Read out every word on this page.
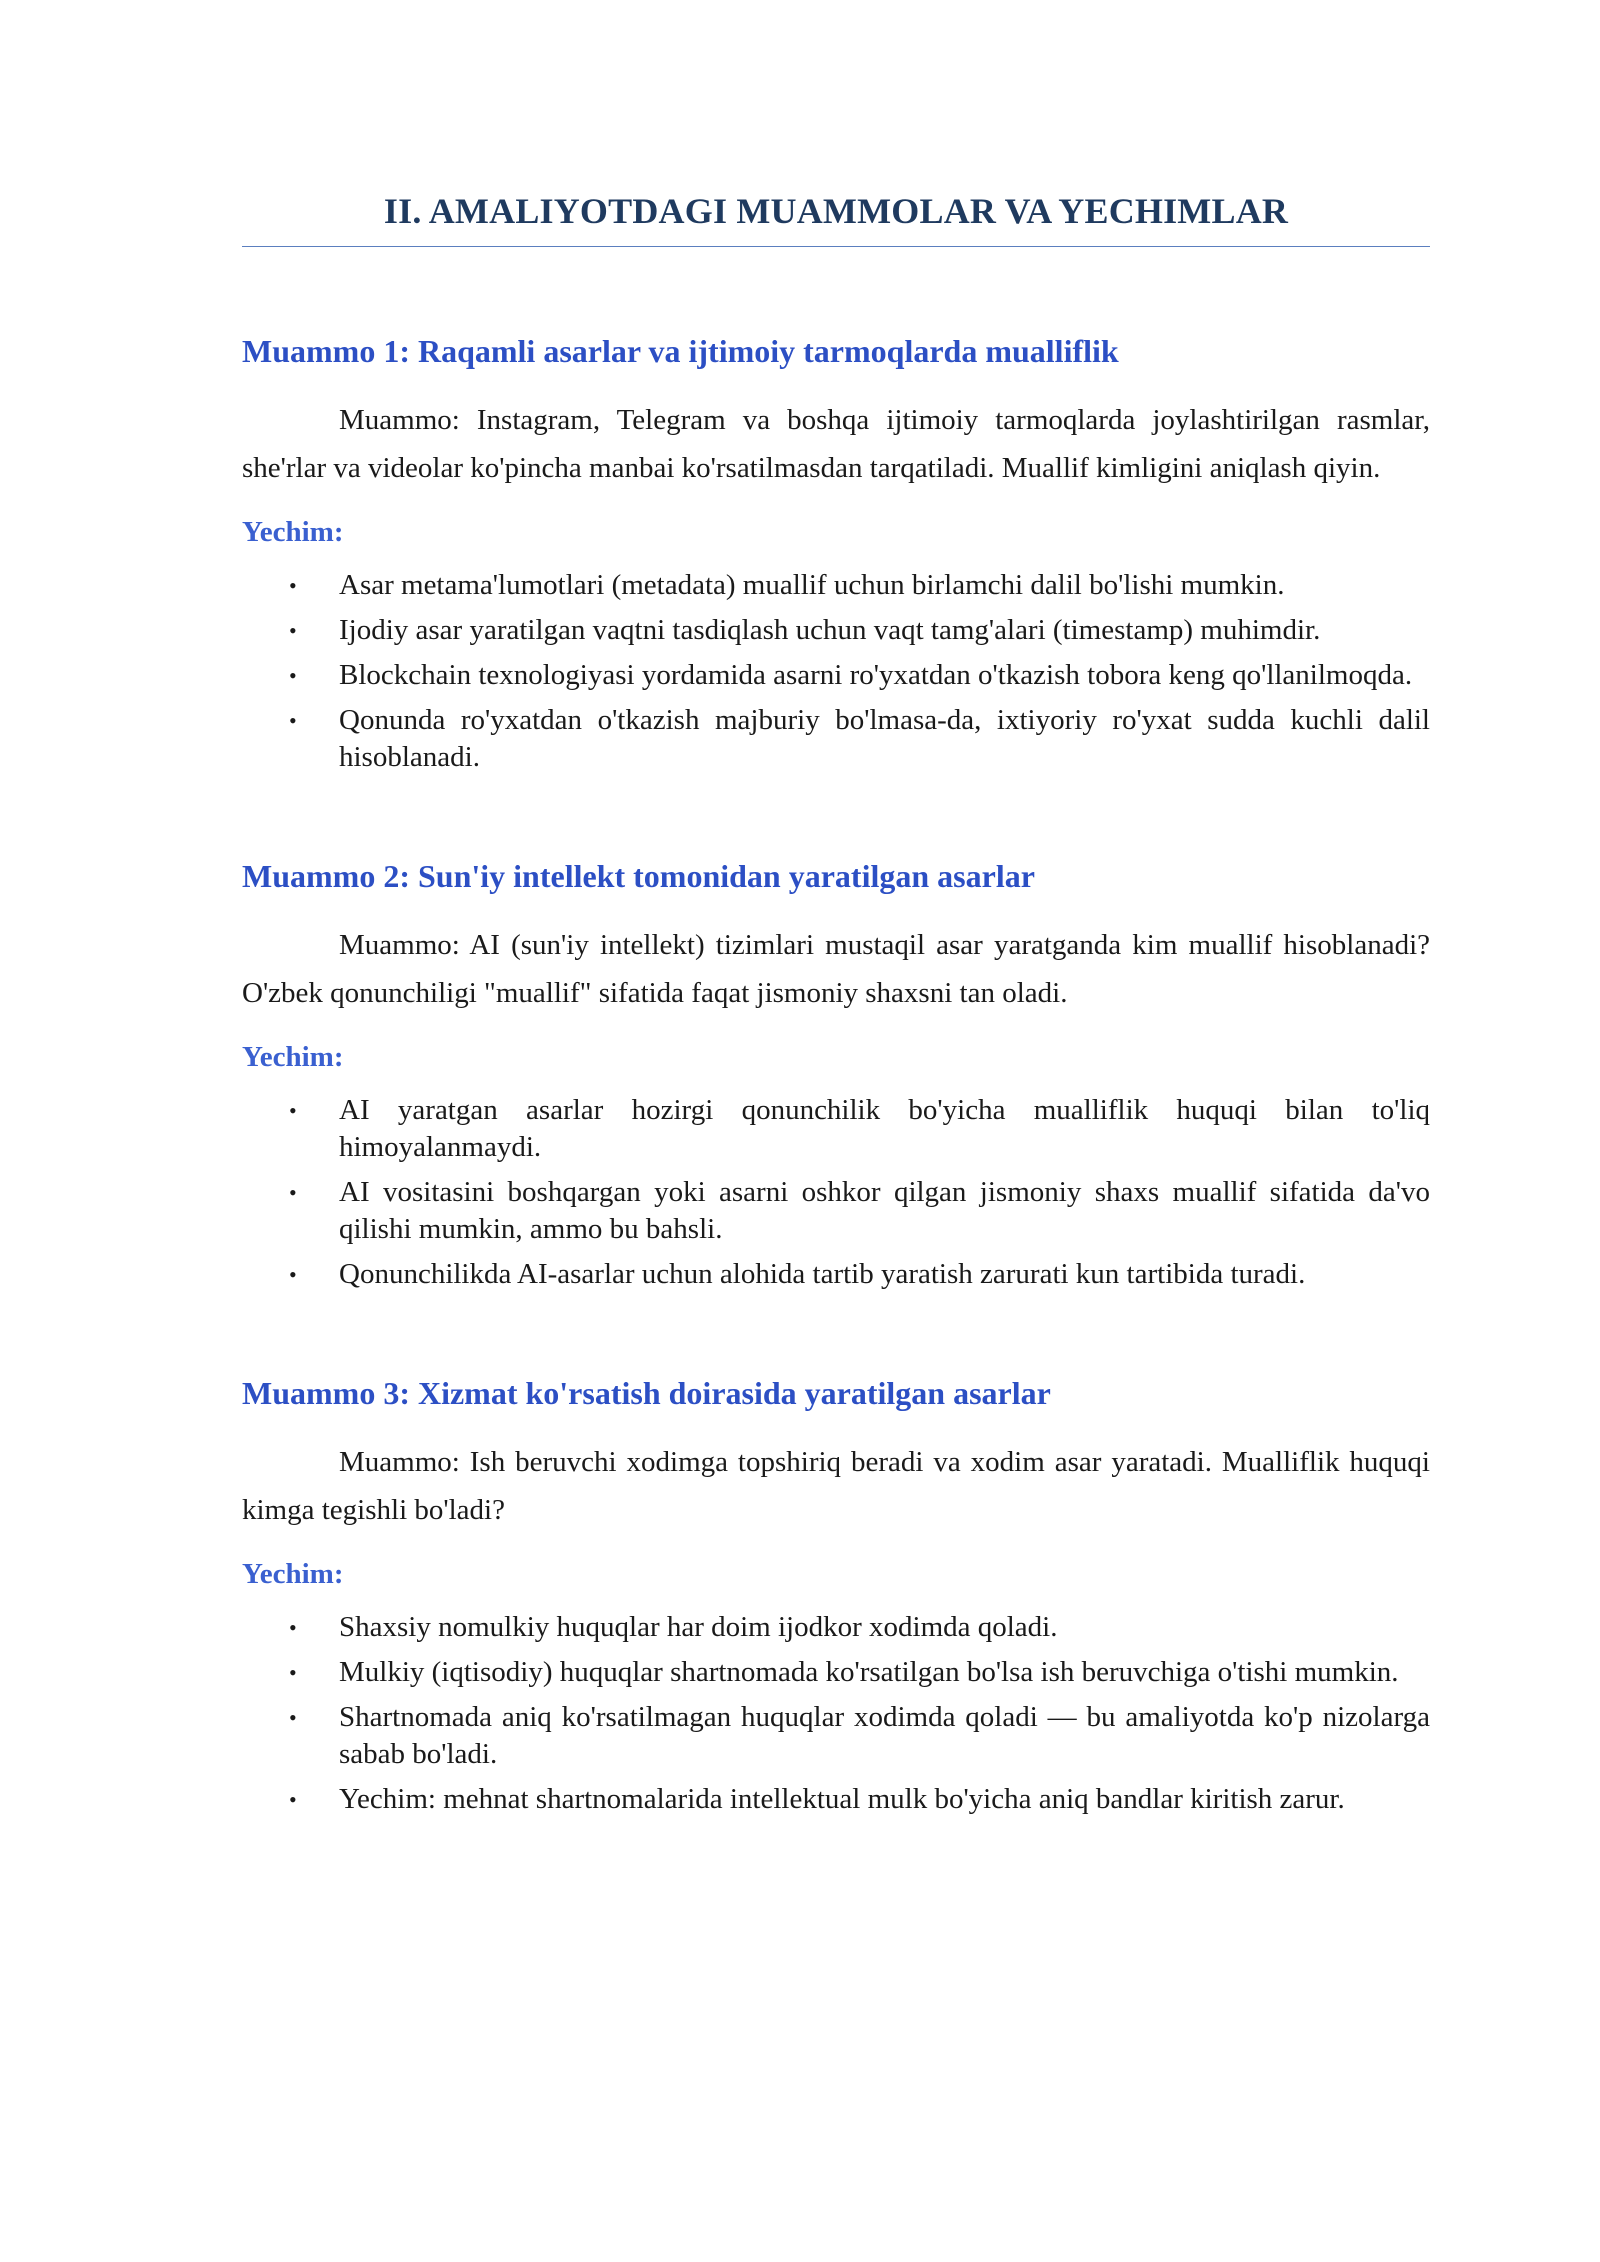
II. AMALIYOTDAGI MUAMMOLAR VA YECHIMLAR
Muammo 1: Raqamli asarlar va ijtimoiy tarmoqlarda mualliflik

Muammo: Instagram, Telegram va boshqa ijtimoiy tarmoqlarda joylashtirilgan rasmlar, she'rlar va videolar ko'pincha manbai ko'rsatilmasdan tarqatiladi. Muallif kimligini aniqlash qiyin.

Yechim:
• Asar metama'lumotlari (metadata) muallif uchun birlamchi dalil bo'lishi mumkin.
• Ijodiy asar yaratilgan vaqtni tasdiqlash uchun vaqt tamg'alari (timestamp) muhimdir.
• Blockchain texnologiyasi yordamida asarni ro'yxatdan o'tkazish tobora keng qo'llanilmoqda.
• Qonunda ro'yxatdan o'tkazish majburiy bo'lmasa-da, ixtiyoriy ro'yxat sudda kuchli dalil hisoblanadi.
Muammo 2: Sun'iy intellekt tomonidan yaratilgan asarlar

Muammo: AI (sun'iy intellekt) tizimlari mustaqil asar yaratganda kim muallif hisoblanadi? O'zbek qonunchiligi "muallif" sifatida faqat jismoniy shaxsni tan oladi.

Yechim:
• AI yaratgan asarlar hozirgi qonunchilik bo'yicha mualliflik huquqi bilan to'liq himoyalanmaydi.
• AI vositasini boshqargan yoki asarni oshkor qilgan jismoniy shaxs muallif sifatida da'vo qilishi mumkin, ammo bu bahsli.
• Qonunchilikda AI-asarlar uchun alohida tartib yaratish zarurati kun tartibida turadi.
Muammo 3: Xizmat ko'rsatish doirasida yaratilgan asarlar

Muammo: Ish beruvchi xodimga topshiriq beradi va xodim asar yaratadi. Mualliflik huquqi kimga tegishli bo'ladi?

Yechim:
• Shaxsiy nomulkiy huquqlar har doim ijodkor xodimda qoladi.
• Mulkiy (iqtisodiy) huquqlar shartnomada ko'rsatilgan bo'lsa ish beruvchiga o'tishi mumkin.
• Shartnomada aniq ko'rsatilmagan huquqlar xodimda qoladi — bu amaliyotda ko'p nizolarga sabab bo'ladi.
• Yechim: mehnat shartnomalarida intellektual mulk bo'yicha aniq bandlar kiritish zarur.
